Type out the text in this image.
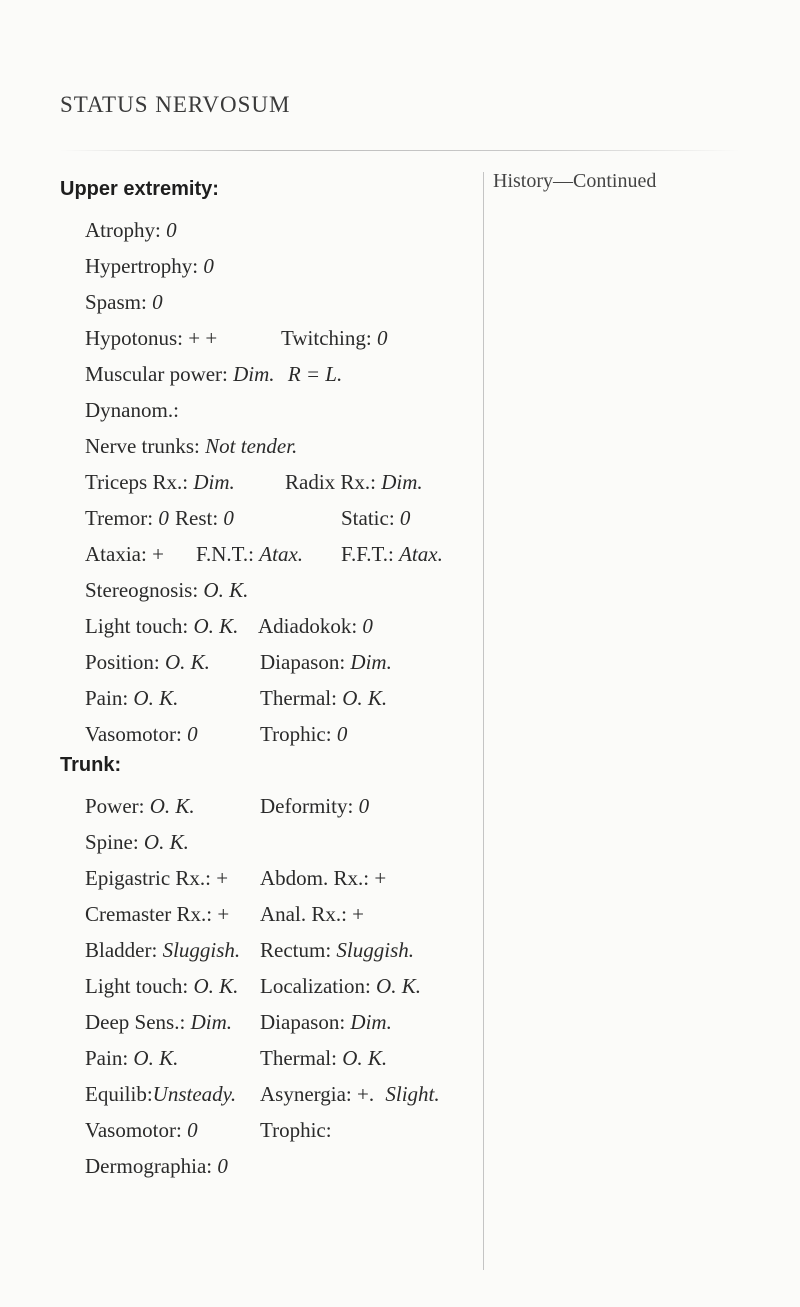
STATUS NERVOSUM
History—Continued
Upper extremity:
Atrophy: 0
Hypertrophy: 0
Spasm: 0
Hypotonus: + +	Twitching: 0
Muscular power: Dim. R = L.
Dynanom.:
Nerve trunks: Not tender.
Triceps Rx.: Dim. Radix Rx.: Dim.
Tremor: 0 Rest: 0	Static: 0
Ataxia: + F.N.T.: Atax. F.F.T.: Atax.
Stereognosis: O. K.
Light touch: O. K. Adiadokok: 0
Position: O. K. Diapason: Dim.
Pain: O. K.	Thermal: O. K.
Vasomotor: 0	Trophic: 0
Trunk:
Power: O. K.	Deformity: 0
Spine: O. K.
Epigastric Rx.: + Abdom. Rx.: +
Cremaster Rx.: + Anal. Rx.: +
Bladder: Sluggish. Rectum: Sluggish.
Light touch: O. K. Localization: O. K.
Deep Sens.: Dim. Diapason: Dim.
Pain: O. K.	Thermal: O. K.
Equilib:Unsteady. Asynergia: +. Slight.
Vasomotor: 0	Trophic:
Dermographia: 0
